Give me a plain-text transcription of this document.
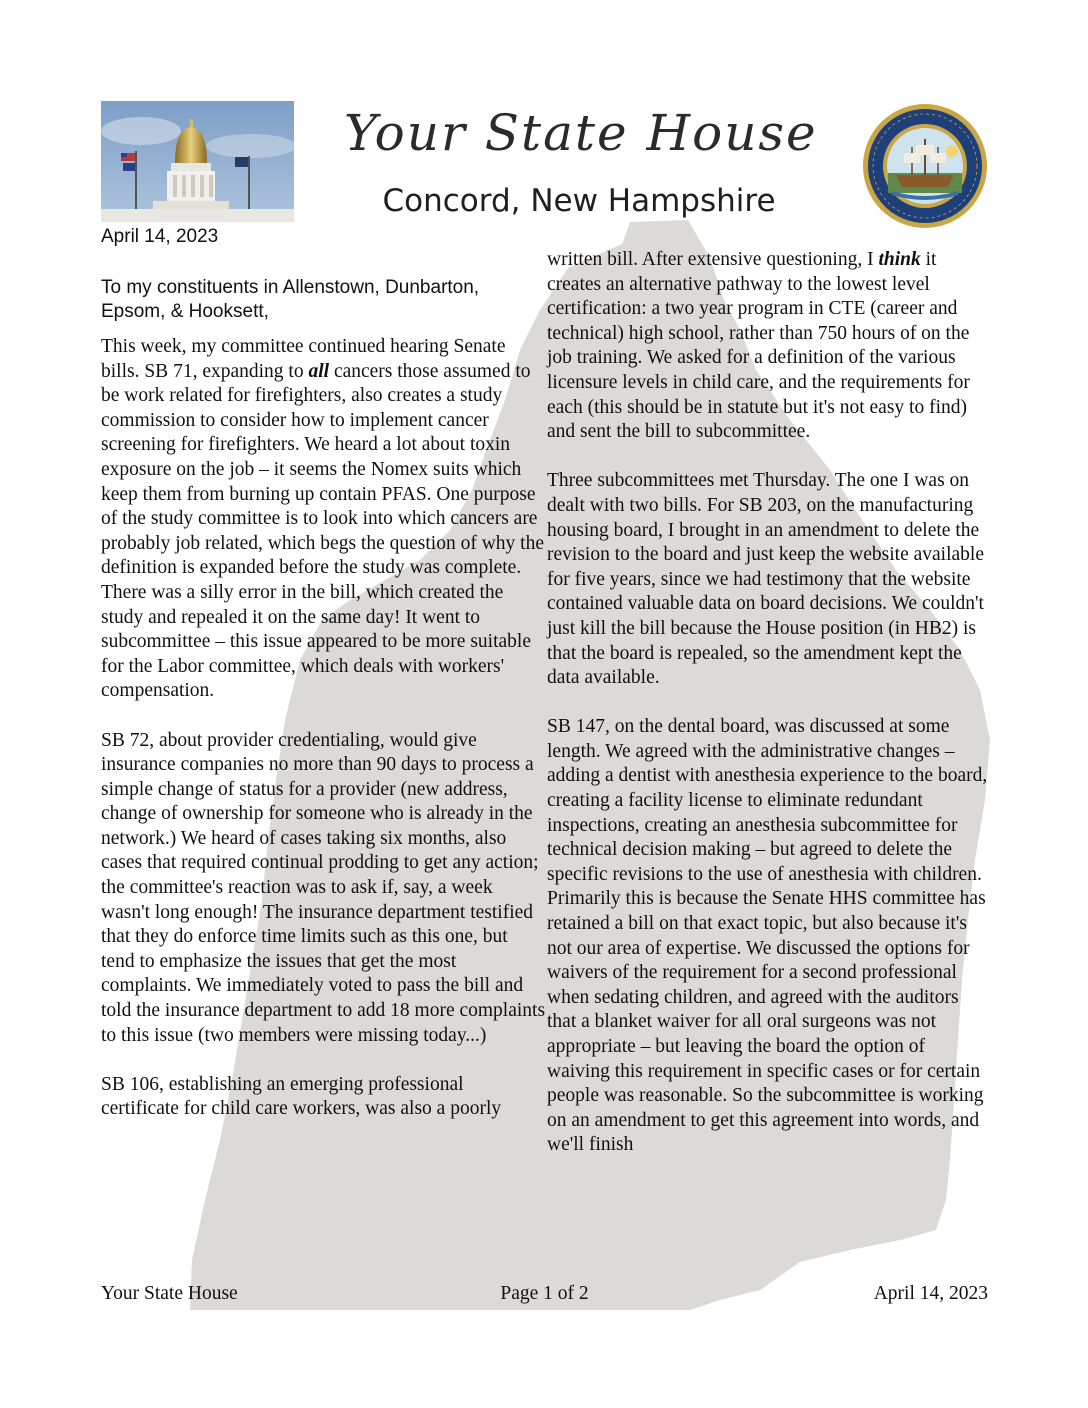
Your State House
Concord, New Hampshire
April 14, 2023
To my constituents in Allenstown, Dunbarton, Epsom, & Hooksett,

This week, my committee continued hearing Senate bills. SB 71, expanding to all cancers those assumed to be work related for firefighters, also creates a study commission to consider how to implement cancer screening for firefighters. We heard a lot about toxin exposure on the job – it seems the Nomex suits which keep them from burning up contain PFAS. One purpose of the study committee is to look into which cancers are probably job related, which begs the question of why the definition is expanded before the study was complete. There was a silly error in the bill, which created the study and repealed it on the same day! It went to subcommittee – this issue appeared to be more suitable for the Labor committee, which deals with workers' compensation.

SB 72, about provider credentialing, would give insurance companies no more than 90 days to process a simple change of status for a provider (new address, change of ownership for someone who is already in the network.) We heard of cases taking six months, also cases that required continual prodding to get any action; the committee's reaction was to ask if, say, a week wasn't long enough! The insurance department testified that they do enforce time limits such as this one, but tend to emphasize the issues that get the most complaints. We immediately voted to pass the bill and told the insurance department to add 18 more complaints to this issue (two members were missing today...)

SB 106, establishing an emerging professional certificate for child care workers, was also a poorly

written bill. After extensive questioning, I think it creates an alternative pathway to the lowest level certification: a two year program in CTE (career and technical) high school, rather than 750 hours of on the job training. We asked for a definition of the various licensure levels in child care, and the requirements for each (this should be in statute but it's not easy to find) and sent the bill to subcommittee.

Three subcommittees met Thursday. The one I was on dealt with two bills. For SB 203, on the manufacturing housing board, I brought in an amendment to delete the revision to the board and just keep the website available for five years, since we had testimony that the website contained valuable data on board decisions. We couldn't just kill the bill because the House position (in HB2) is that the board is repealed, so the amendment kept the data available.

SB 147, on the dental board, was discussed at some length. We agreed with the administrative changes – adding a dentist with anesthesia experience to the board, creating a facility license to eliminate redundant inspections, creating an anesthesia subcommittee for technical decision making – but agreed to delete the specific revisions to the use of anesthesia with children. Primarily this is because the Senate HHS committee has retained a bill on that exact topic, but also because it's not our area of expertise. We discussed the options for waivers of the requirement for a second professional when sedating children, and agreed with the auditors that a blanket waiver for all oral surgeons was not appropriate – but leaving the board the option of waiving this requirement in specific cases or for certain people was reasonable. So the subcommittee is working on an amendment to get this agreement into words, and we'll finish

Your State House	Page 1 of 2	April 14, 2023
